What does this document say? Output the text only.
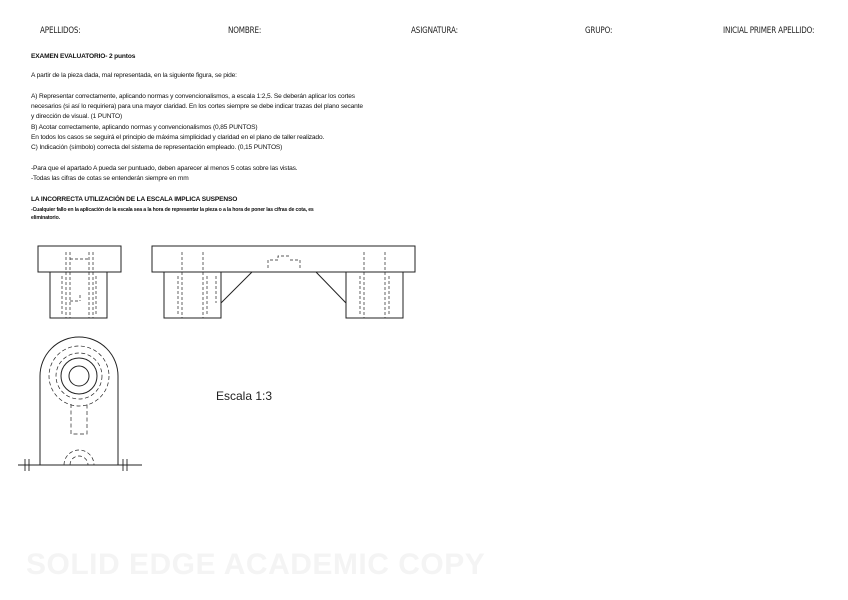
APELLIDOS:	NOMBRE:	ASIGNATURA:	GRUPO:	INICIAL PRIMER APELLIDO:
EXAMEN EVALUATORIO- 2 puntos
A partir de la pieza dada, mal representada, en la siguiente figura, se pide:
A) Representar correctamente, aplicando normas y convencionalismos, a escala 1:2,5. Se deberán aplicar los cortes
necesarios (si así lo requiriera) para una mayor claridad. En los cortes siempre se debe indicar trazas del plano secante
y dirección de visual. (1 PUNTO)
B) Acotar correctamente, aplicando normas y convencionalismos (0,85 PUNTOS)
En todos los casos se seguirá el principio de máxima simplicidad y claridad en el plano de taller realizado.
C) Indicación (símbolo) correcta del sistema de representación empleado. (0,15 PUNTOS)
-Para que el apartado A pueda ser puntuado, deben aparecer al menos 5 cotas sobre las vistas.
-Todas las cifras de cotas se entenderán siempre en mm
LA INCORRECTA UTILIZACIÓN DE LA ESCALA IMPLICA SUSPENSO
-Cualquier fallo en la aplicación de la escala sea a la hora de representar la pieza o a la hora de poner las cifras de cota, es
eliminatorio.
Escala 1:3
SOLID EDGE ACADEMIC COPY
